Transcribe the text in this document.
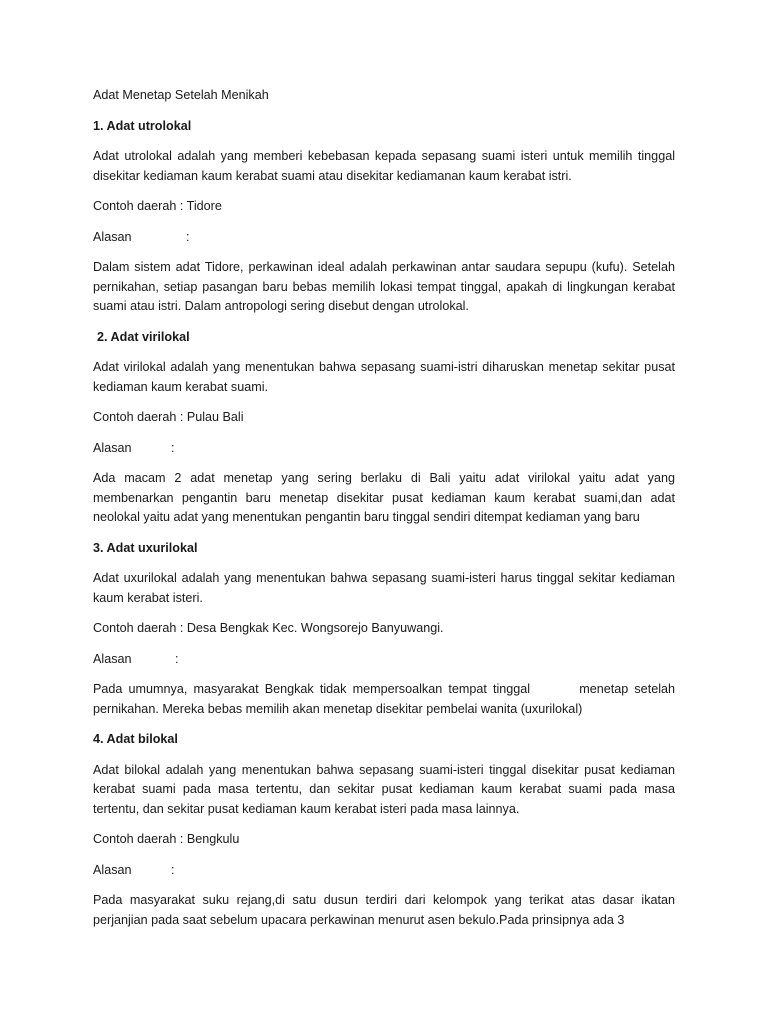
Adat Menetap Setelah Menikah

1. Adat utrolokal

Adat utrolokal adalah yang memberi kebebasan kepada sepasang suami isteri untuk memilih tinggal disekitar kediaman kaum kerabat suami atau disekitar kediamanan kaum kerabat istri.

Contoh daerah : Tidore

Alasan	:

Dalam sistem adat Tidore, perkawinan ideal adalah perkawinan antar saudara sepupu (kufu). Setelah pernikahan, setiap pasangan baru bebas memilih lokasi tempat tinggal, apakah di lingkungan kerabat suami atau istri. Dalam antropologi sering disebut dengan utrolokal.

2. Adat virilokal

Adat virilokal adalah yang menentukan bahwa sepasang suami-istri diharuskan menetap sekitar pusat kediaman kaum kerabat suami.

Contoh daerah : Pulau Bali

Alasan	:

Ada macam 2 adat menetap yang sering berlaku di Bali yaitu adat virilokal yaitu adat yang membenarkan pengantin baru menetap disekitar pusat kediaman kaum kerabat suami,dan adat neolokal yaitu adat yang menentukan pengantin baru tinggal sendiri ditempat kediaman yang baru

3. Adat uxurilokal

Adat uxurilokal adalah yang menentukan bahwa sepasang suami-isteri harus tinggal sekitar kediaman kaum kerabat isteri.

Contoh daerah : Desa Bengkak Kec. Wongsorejo Banyuwangi.

Alasan	:

Pada umumnya, masyarakat Bengkak tidak mempersoalkan tempat tinggal        menetap setelah pernikahan. Mereka bebas memilih akan menetap disekitar pembelai wanita (uxurilokal)

4. Adat bilokal

Adat bilokal adalah yang menentukan bahwa sepasang suami-isteri tinggal disekitar pusat kediaman kerabat suami pada masa tertentu, dan sekitar pusat kediaman kaum kerabat suami pada masa tertentu, dan sekitar pusat kediaman kaum kerabat isteri pada masa lainnya.

Contoh daerah : Bengkulu

Alasan	:

Pada masyarakat suku rejang,di satu dusun terdiri dari kelompok yang terikat atas dasar ikatan perjanjian pada saat sebelum upacara perkawinan menurut asen bekulo.Pada prinsipnya ada 3
